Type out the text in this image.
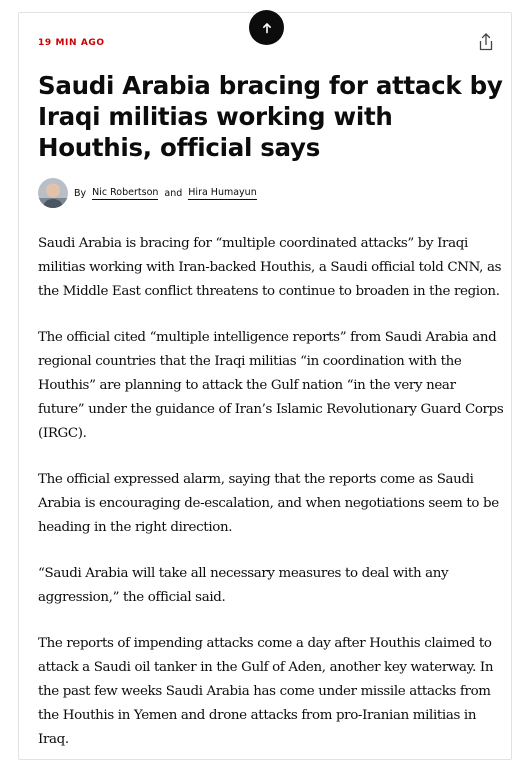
19 MIN AGO
Saudi Arabia bracing for attack by Iraqi militias working with Houthis, official says
By Nic Robertson and Hira Humayun

Saudi Arabia is bracing for “multiple coordinated attacks” by Iraqi militias working with Iran-backed Houthis, a Saudi official told CNN, as the Middle East conflict threatens to continue to broaden in the region.

The official cited “multiple intelligence reports” from Saudi Arabia and regional countries that the Iraqi militias “in coordination with the Houthis” are planning to attack the Gulf nation “in the very near future” under the guidance of Iran’s Islamic Revolutionary Guard Corps (IRGC).

The official expressed alarm, saying that the reports come as Saudi Arabia is encouraging de-escalation, and when negotiations seem to be heading in the right direction.

“Saudi Arabia will take all necessary measures to deal with any aggression,” the official said.

The reports of impending attacks come a day after Houthis claimed to attack a Saudi oil tanker in the Gulf of Aden, another key waterway. In the past few weeks Saudi Arabia has come under missile attacks from the Houthis in Yemen and drone attacks from pro-Iranian militias in Iraq.
